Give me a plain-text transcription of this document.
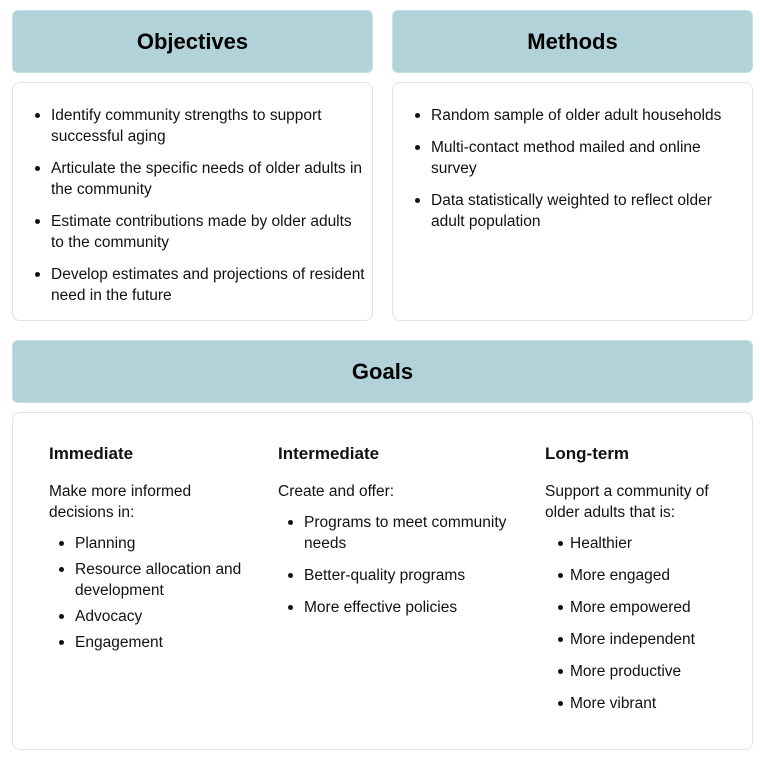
Objectives	Methods
Identify community strengths to support successful aging
Articulate the specific needs of older adults in the community
Estimate contributions made by older adults to the community
Develop estimates and projections of resident need in the future
Random sample of older adult households
Multi-contact method mailed and online survey
Data statistically weighted to reflect older adult population
Goals
Immediate

Make more informed decisions in:

Planning
Resource allocation and development
Advocacy
Engagement
Intermediate

Create and offer:

Programs to meet community needs
Better-quality programs
More effective policies
Long-term

Support a community of older adults that is:

Healthier
More engaged
More empowered
More independent
More productive
More vibrant
